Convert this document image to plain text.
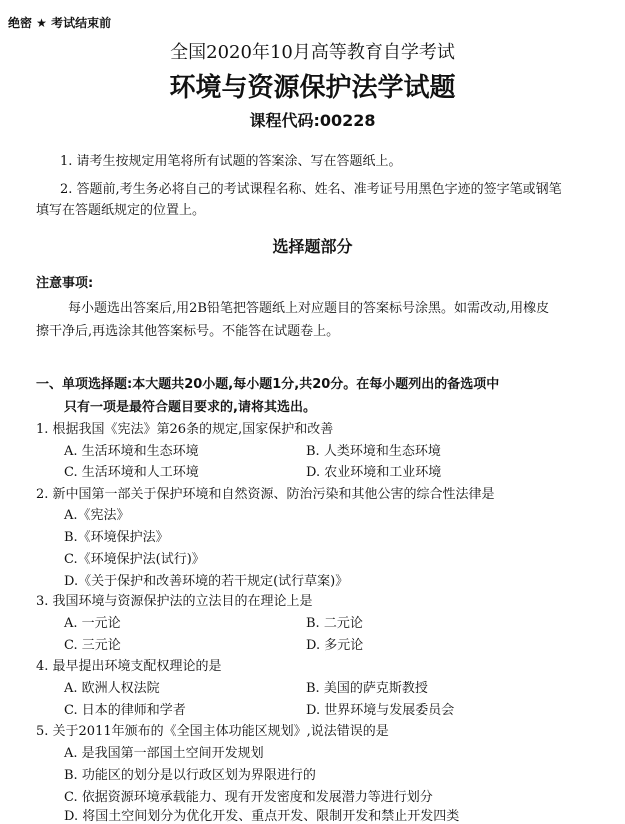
绝密 ★ 考试结束前
全国2020年10月高等教育自学考试
环境与资源保护法学试题
课程代码:00228
1. 请考生按规定用笔将所有试题的答案涂、写在答题纸上。
2. 答题前,考生务必将自己的考试课程名称、姓名、准考证号用黑色字迹的签字笔或钢笔
填写在答题纸规定的位置上。
选择题部分
注意事项:
每小题选出答案后,用2B铅笔把答题纸上对应题目的答案标号涂黑。如需改动,用橡皮
擦干净后,再选涂其他答案标号。不能答在试题卷上。
一、单项选择题:本大题共20小题,每小题1分,共20分。在每小题列出的备选项中
只有一项是最符合题目要求的,请将其选出。
1. 根据我国《宪法》第26条的规定,国家保护和改善
A. 生活环境和生态环境	B. 人类环境和生态环境
C. 生活环境和人工环境	D. 农业环境和工业环境
2. 新中国第一部关于保护环境和自然资源、防治污染和其他公害的综合性法律是
A.《宪法》
B.《环境保护法》
C.《环境保护法(试行)》
D.《关于保护和改善环境的若干规定(试行草案)》
3. 我国环境与资源保护法的立法目的在理论上是
A. 一元论	B. 二元论
C. 三元论	D. 多元论
4. 最早提出环境支配权理论的是
A. 欧洲人权法院	B. 美国的萨克斯教授
C. 日本的律师和学者	D. 世界环境与发展委员会
5. 关于2011年颁布的《全国主体功能区规划》,说法错误的是
A. 是我国第一部国土空间开发规划
B. 功能区的划分是以行政区划为界限进行的
C. 依据资源环境承载能力、现有开发密度和发展潜力等进行划分
D. 将国土空间划分为优化开发、重点开发、限制开发和禁止开发四类
